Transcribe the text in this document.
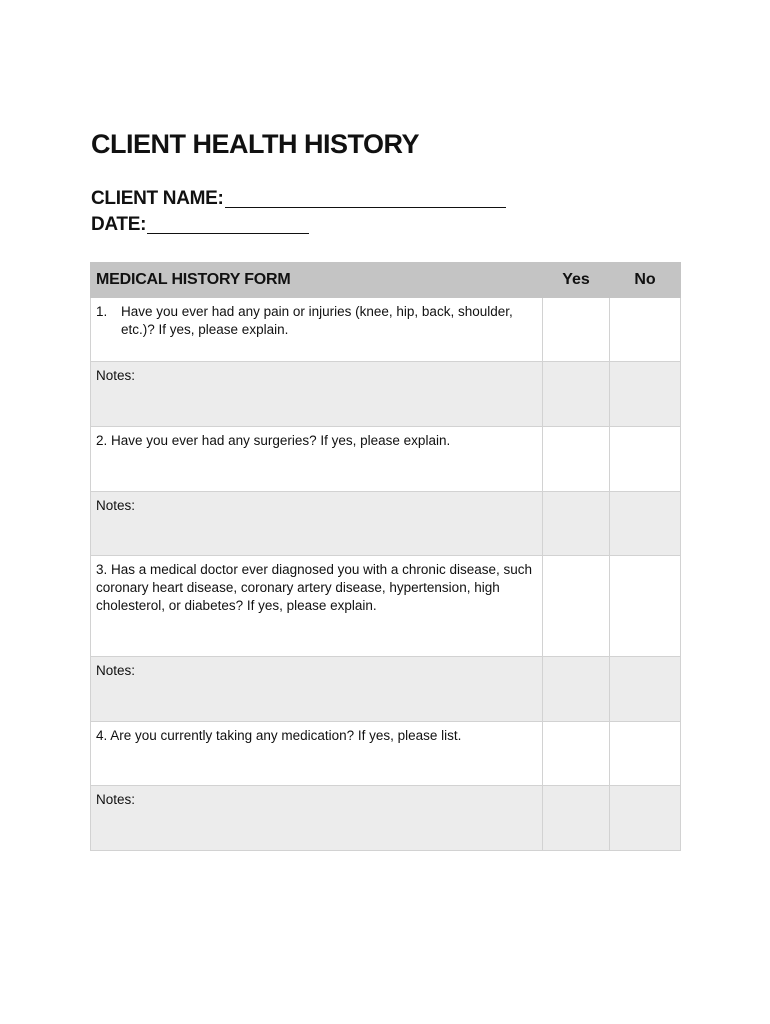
CLIENT HEALTH HISTORY
CLIENT NAME:
DATE:
MEDICAL HISTORY FORM	Yes	No

1. Have you ever had any pain or injuries (knee, hip, back, shoulder, etc.)? If yes, please explain.		

Notes:		
2. Have you ever had any surgeries? If yes, please explain.		
Notes:		
3. Has a medical doctor ever diagnosed you with a chronic disease, such coronary heart disease, coronary artery disease, hypertension, high cholesterol, or diabetes? If yes, please explain.		
Notes:		
4. Are you currently taking any medication? If yes, please list.		
Notes:		
